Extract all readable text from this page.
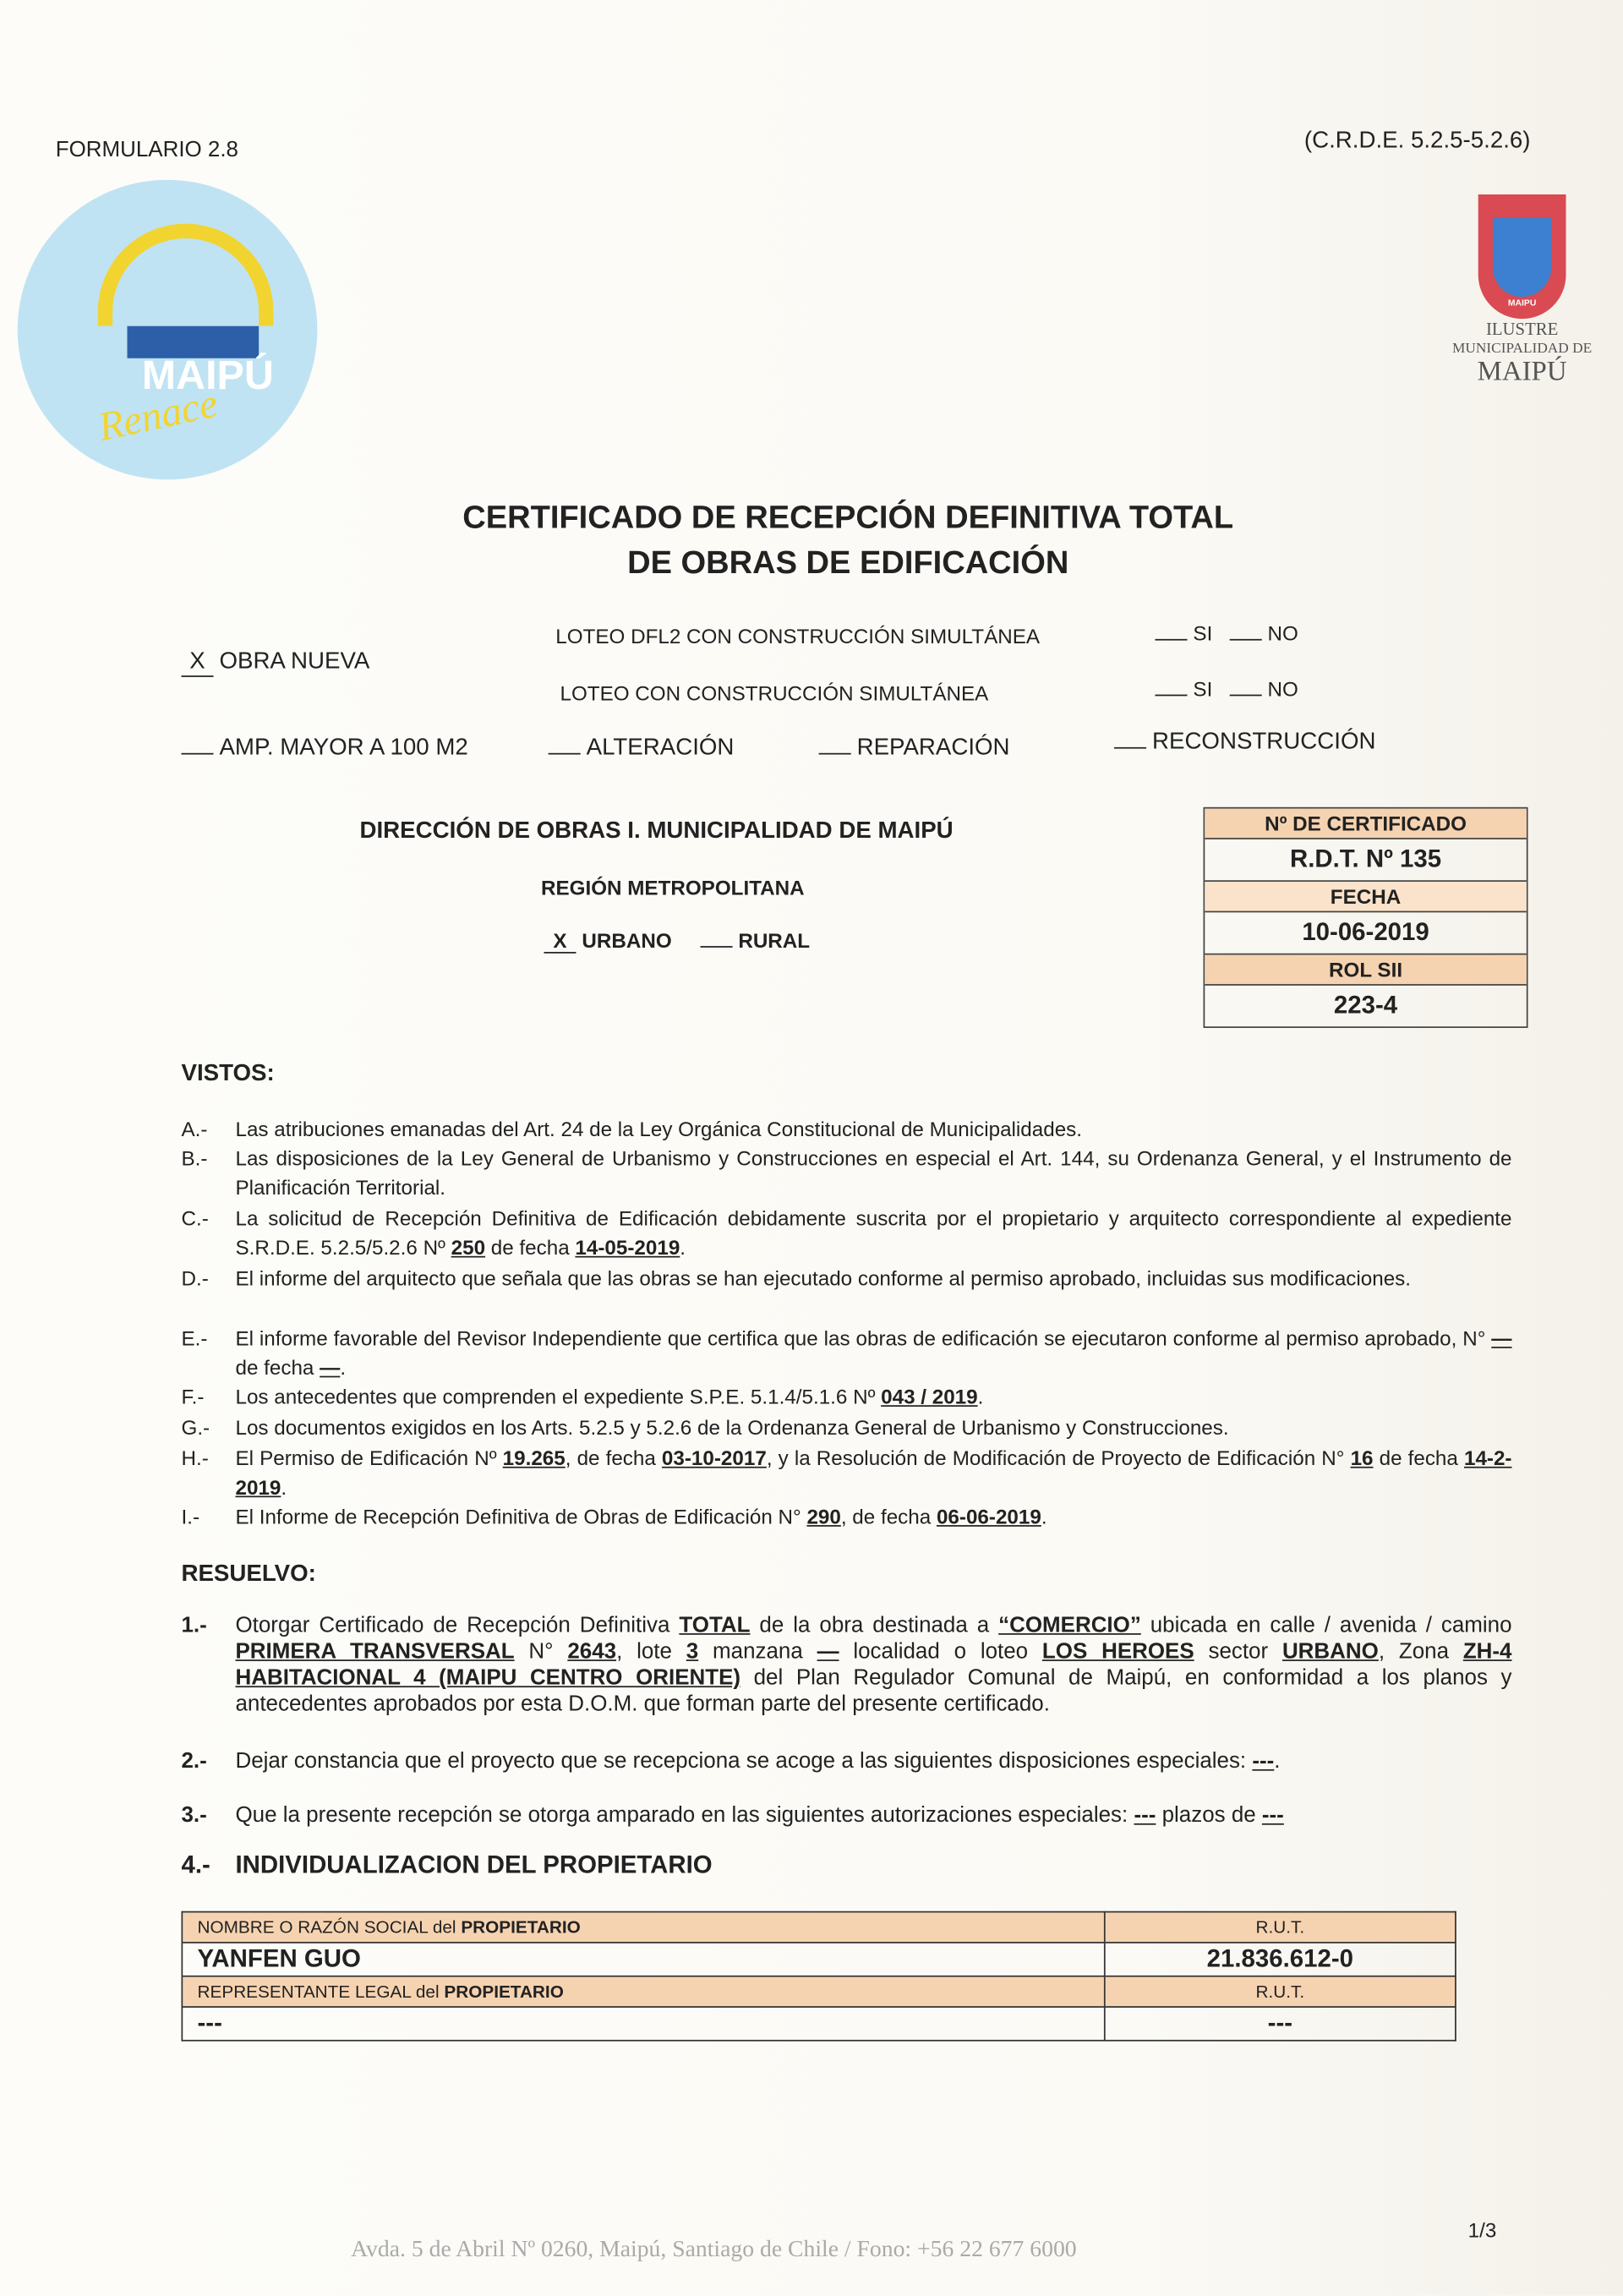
FORMULARIO 2.8	(C.R.D.E. 5.2.5-5.2.6)
MAIPÚ
Renace
MAIPU
ILUSTRE
MUNICIPALIDAD DE
MAIPÚ
CERTIFICADO DE RECEPCIÓN DEFINITIVA TOTAL
DE OBRAS DE EDIFICACIÓN
X OBRA NUEVA
LOTEO DFL2 CON CONSTRUCCIÓN SIMULTÁNEA
LOTEO CON CONSTRUCCIÓN SIMULTÁNEA
SI	NO
SI	NO
AMP. MAYOR A 100 M2	ALTERACIÓN	REPARACIÓN	RECONSTRUCCIÓN
DIRECCIÓN DE OBRAS I. MUNICIPALIDAD DE MAIPÚ
REGIÓN METROPOLITANA
X URBANO	RURAL
Nº DE CERTIFICADO
R.D.T. Nº 135
FECHA
10-06-2019
ROL SII
223-4
VISTOS:
A.- Las atribuciones emanadas del Art. 24 de la Ley Orgánica Constitucional de Municipalidades.
B.- Las disposiciones de la Ley General de Urbanismo y Construcciones en especial el Art. 144, su Ordenanza General, y el Instrumento de Planificación Territorial.
C.- La solicitud de Recepción Definitiva de Edificación debidamente suscrita por el propietario y arquitecto correspondiente al expediente S.R.D.E. 5.2.5/5.2.6 Nº 250 de fecha 14-05-2019.
D.- El informe del arquitecto que señala que las obras se han ejecutado conforme al permiso aprobado, incluidas sus modificaciones.
E.- El informe favorable del Revisor Independiente que certifica que las obras de edificación se ejecutaron conforme al permiso aprobado, N° — de fecha —.
F.-	Los antecedentes que comprenden el expediente S.P.E. 5.1.4/5.1.6 Nº 043 / 2019.
G.- Los documentos exigidos en los Arts. 5.2.5 y 5.2.6 de la Ordenanza General de Urbanismo y Construcciones.
H.- El Permiso de Edificación Nº 19.265, de fecha 03-10-2017, y la Resolución de Modificación de Proyecto de Edificación N° 16 de fecha 14-2-2019.
I.-	El Informe de Recepción Definitiva de Obras de Edificación N° 290, de fecha 06-06-2019.
RESUELVO:
1.- Otorgar Certificado de Recepción Definitiva TOTAL de la obra destinada a “COMERCIO” ubicada en calle / avenida / camino PRIMERA TRANSVERSAL N° 2643, lote 3 manzana — localidad o loteo LOS HEROES sector URBANO, Zona ZH-4 HABITACIONAL 4 (MAIPU CENTRO ORIENTE) del Plan Regulador Comunal de Maipú, en conformidad a los planos y antecedentes aprobados por esta D.O.M. que forman parte del presente certificado.
2.- Dejar constancia que el proyecto que se recepciona se acoge a las siguientes disposiciones especiales: ---.
3.- Que la presente recepción se otorga amparado en las siguientes autorizaciones especiales: --- plazos de ---
4.- INDIVIDUALIZACION DEL PROPIETARIO
NOMBRE O RAZÓN SOCIAL del PROPIETARIO	R.U.T.
YANFEN GUO	21.836.612-0
REPRESENTANTE LEGAL del PROPIETARIO	R.U.T.
---	---
1/3
Avda. 5 de Abril Nº 0260, Maipú, Santiago de Chile / Fono: +56 22 677 6000
